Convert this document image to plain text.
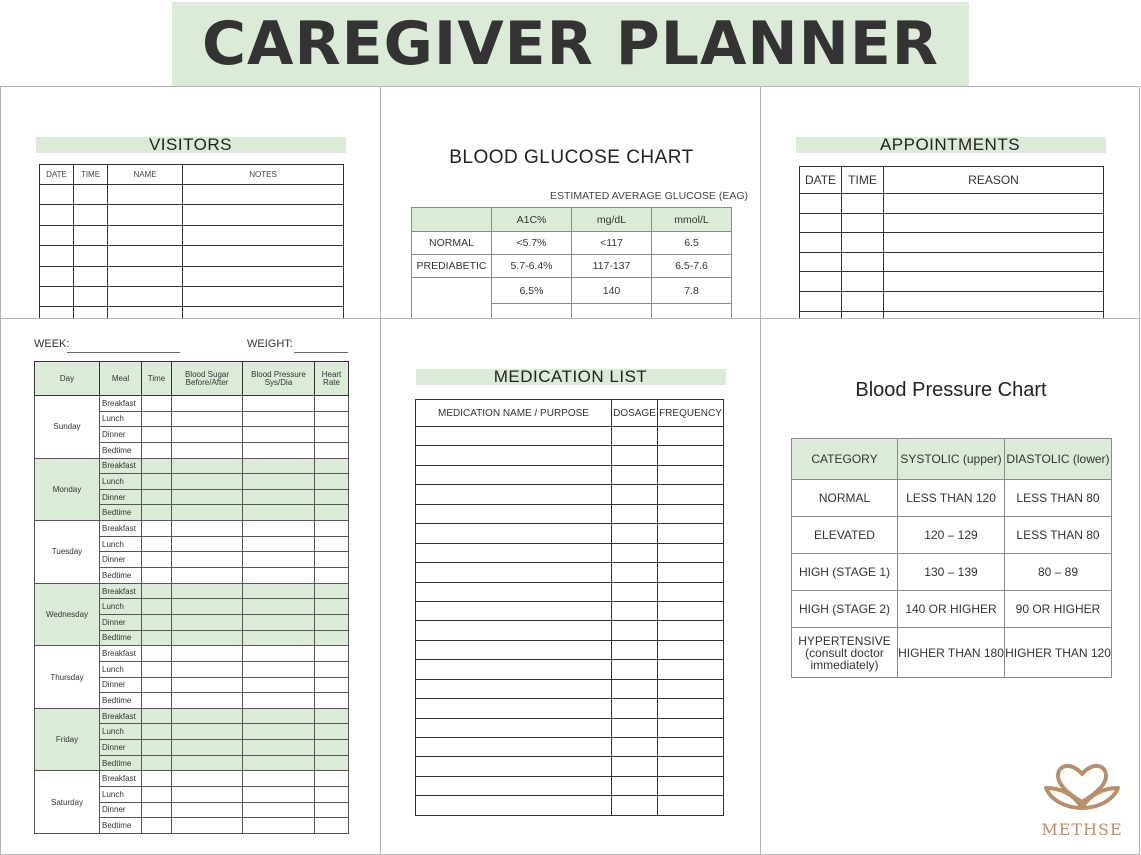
CAREGIVER PLANNER
VISITORS
DATE	TIME	NAME	NOTES

BLOOD GLUCOSE CHART
ESTIMATED AVERAGE GLUCOSE (EAG)
	A1C%	mg/dL	mmol/L
NORMAL	<5.7%	<117	6.5
PREDIABETIC	5.7-6.4%	117-137	6.5-7.6
	6.5%	140	7.8

APPOINTMENTS
DATE	TIME	REASON

WEEK:	WEIGHT:
Day	Meal	Time	Blood Sugar Before/After	Blood Pressure Sys/Dia	Heart Rate
Sunday	Breakfast				
	Lunch				
	Dinner				
	Bedtime				
Monday	Breakfast				
	Lunch				
	Dinner				
	Bedtime				
Tuesday	Breakfast				
	Lunch				
	Dinner				
	Bedtime				
Wednesday	Breakfast				
	Lunch				
	Dinner				
	Bedtime				
Thursday	Breakfast				
	Lunch				
	Dinner				
	Bedtime				
Friday	Breakfast				
	Lunch				
	Dinner				
	Bedtime				
Saturday	Breakfast				
	Lunch				
	Dinner				
	Bedtime				
MEDICATION LIST
MEDICATION NAME / PURPOSE	DOSAGE	FREQUENCY

Blood Pressure Chart
CATEGORY	SYSTOLIC (upper)	DIASTOLIC (lower)
NORMAL	LESS THAN 120	LESS THAN 80
ELEVATED	120 – 129	LESS THAN 80
HIGH (STAGE 1)	130 – 139	80 – 89
HIGH (STAGE 2)	140 OR HIGHER	90 OR HIGHER
HYPERTENSIVE (consult doctor immediately)	HIGHER THAN 180	HIGHER THAN 120
METHSE
